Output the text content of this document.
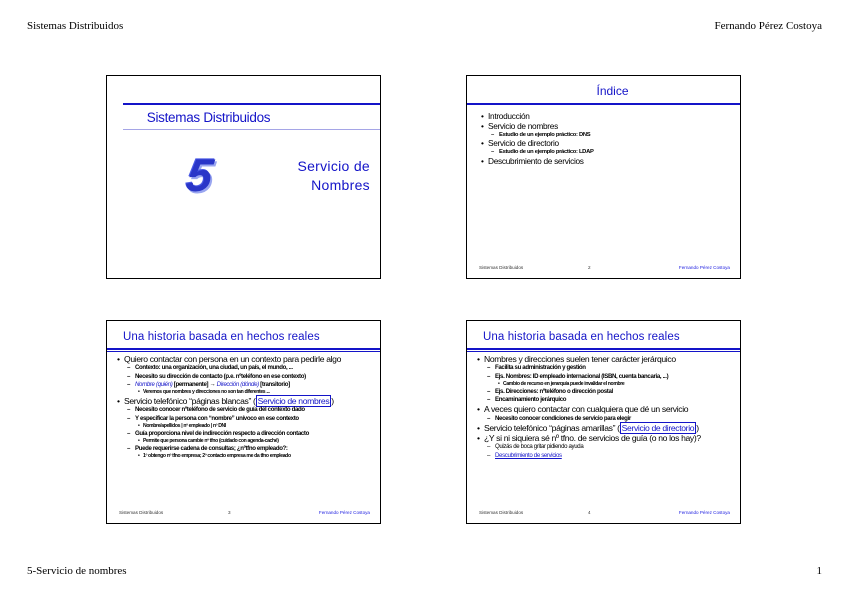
Sistemas Distribuidos	Fernando Pérez Costoya
Sistemas Distribuidos
5	Servicio de
Nombres
Índice
• Introducción
• Servicio de nombres
– Estudio de un ejemplo práctico: DNS
• Servicio de directorio
– Estudio de un ejemplo práctico: LDAP
• Descubrimiento de servicios
Sistemas Distribuidos	2	Fernando Pérez Costoya
Una historia basada en hechos reales
• Quiero contactar con persona en un contexto para pedirle algo
– Contexto: una organización, una ciudad, un país, el mundo, ...
– Necesito su dirección de contacto (p.e. nºteléfono en ese contexto)
– Nombre (quién) [permanente] → Dirección (dónde) [transitorio]
• Veremos que nombres y direcciones no son tan diferentes ...
• Servicio telefónico “páginas blancas” ( Servicio de nombres )
– Necesito conocer nºteléfono de servicio de guía del contexto dado
– Y especificar la persona con “nombre” unívoco en ese contexto
• Nombre/apellidos | nº empleado | nº DNI
– Guía proporciona nivel de indirección respecto a dirección contacto
• Permite que persona cambie nº tfno (cuidado con agenda-caché)
– Puede requerirse cadena de consultas; ¿nºtfno empleado?:
• 1º obtengo nº tfno empresa; 2º contacto empresa me da tfno empleado
Sistemas Distribuidos	3	Fernando Pérez Costoya
Una historia basada en hechos reales
• Nombres y direcciones suelen tener carácter jerárquico
– Facilita su administración y gestión
– Ejs. Nombres: ID empleado internacional (ISBN, cuenta bancaria, ...)
• Cambio de recurso en jerarquía puede invalidar el nombre
– Ejs. Direcciones: nºteléfono o dirección postal
– Encaminamiento jerárquico
• A veces quiero contactar con cualquiera que dé un servicio
– Necesito conocer condiciones de servicio para elegir
• Servicio telefónico “páginas amarillas” ( Servicio de directorio )
• ¿Y si ni siquiera sé nº tfno. de servicios de guía (o no los hay)?
– Quizás de boca gritar pidiendo ayuda
– Descubrimiento de servicios
Sistemas Distribuidos	4	Fernando Pérez Costoya
5-Servicio de nombres	1
